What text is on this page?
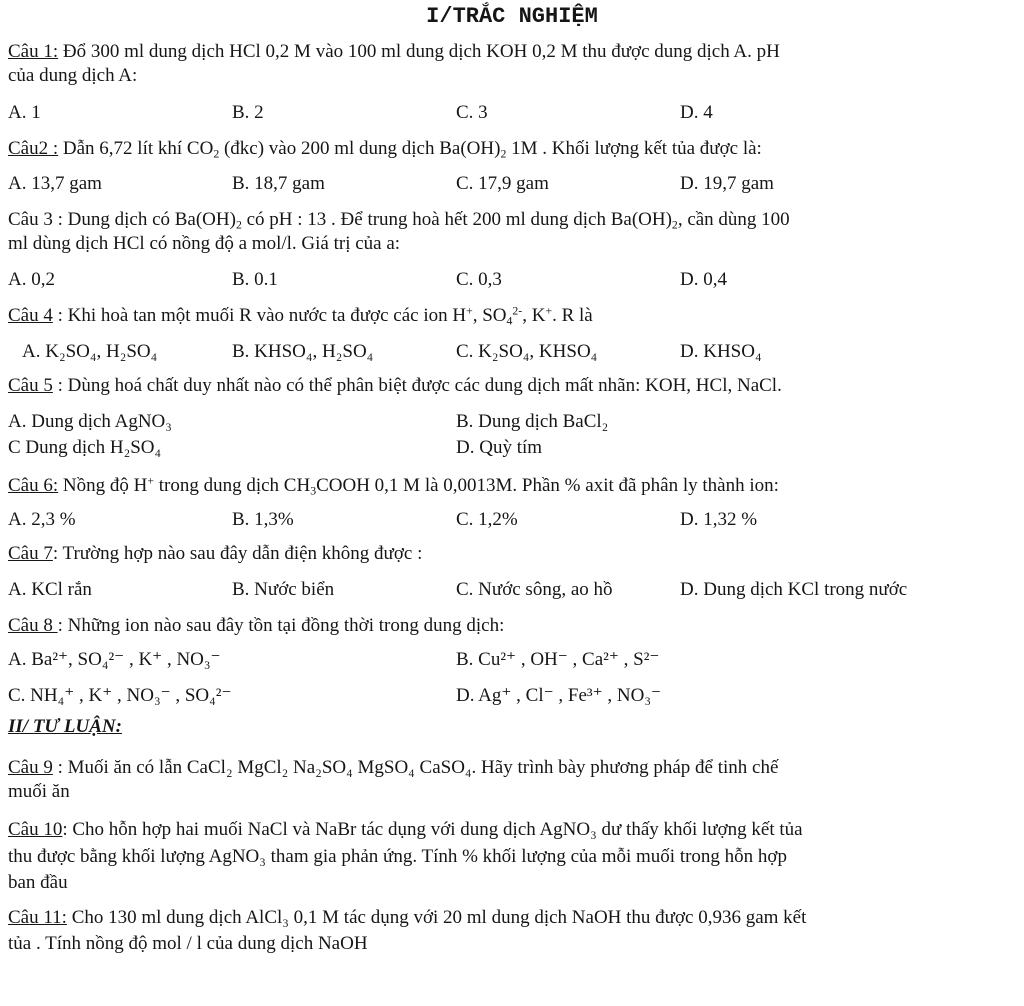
I/TRẮC NGHIỆM
Câu 1: Đổ 300 ml dung dịch HCl 0,2 M vào 100 ml dung dịch KOH 0,2 M thu được dung dịch A. pH
của dung dịch A:
A. 1	B. 2	C. 3	D. 4
Câu2 : Dẫn 6,72 lít khí $CO_2$ (đkc) vào 200 ml dung dịch $Ba(OH)_2$ 1M . Khối lượng kết tủa được là:
A. 13,7 gam	B. 18,7 gam	C. 17,9 gam	D. 19,7 gam
Câu 3 : Dung dịch có $Ba(OH)_2$ có pH : 13 . Để trung hoà hết 200 ml dung dịch $Ba(OH)_2$, cần dùng 100
ml dùng dịch HCl có nồng độ a mol/l. Giá trị của a:
A. 0,2	B. 0.1	C. 0,3	D. 0,4
Câu 4 : Khi hoà tan một muối R vào nước ta được các ion H+, $SO_4^{2-}$, K+. R là
A. K₂SO₄, H₂SO₄	B. KHSO₄, H₂SO₄	C. K₂SO₄, KHSO₄	D. KHSO₄
Câu 5 : Dùng hoá chất duy nhất nào có thể phân biệt được các dung dịch mất nhãn: KOH, HCl, NaCl.
A. Dung dịch AgNO₃	B. Dung dịch BaCl₂
C Dung dịch H₂SO₄	D. Quỳ tím
Câu 6: Nồng độ H+ trong dung dịch $CH_3COOH$ 0,1 M là 0,0013M. Phần % axit đã phân ly thành ion:
A. 2,3 %	B. 1,3%	C. 1,2%	D. 1,32 %
Câu 7: Trường hợp nào sau đây dẫn điện không được :
A. KCl rắn	B. Nước biển	C. Nước sông, ao hồ	D. Dung dịch KCl trong nước
Câu 8 : Những ion nào sau đây tồn tại đồng thời trong dung dịch:
A. Ba²⁺, SO₄²⁻ , K⁺ , NO₃⁻	B. Cu²⁺ , OH⁻ , Ca²⁺ , S²⁻
C. NH₄⁺ , K⁺ , NO₃⁻ , SO₄²⁻	D. Ag⁺ , Cl⁻ , Fe³⁺ , NO₃⁻
II/ TƯ LUẬN:
Câu 9 : Muối ăn có lẫn CaCl₂ MgCl₂ Na₂SO₄ MgSO₄ CaSO₄. Hãy trình bày phương pháp để tinh chế
muối ăn
Câu 10: Cho hỗn hợp hai muối NaCl và NaBr tác dụng với dung dịch AgNO₃ dư thấy khối lượng kết tủa
thu được bằng khối lượng AgNO₃ tham gia phản ứng. Tính % khối lượng của mỗi muối trong hỗn hợp
ban đầu
Câu 11: Cho 130 ml dung dịch AlCl₃ 0,1 M tác dụng với 20 ml dung dịch NaOH thu được 0,936 gam kết
tủa . Tính nồng độ mol / l của dung dịch NaOH
